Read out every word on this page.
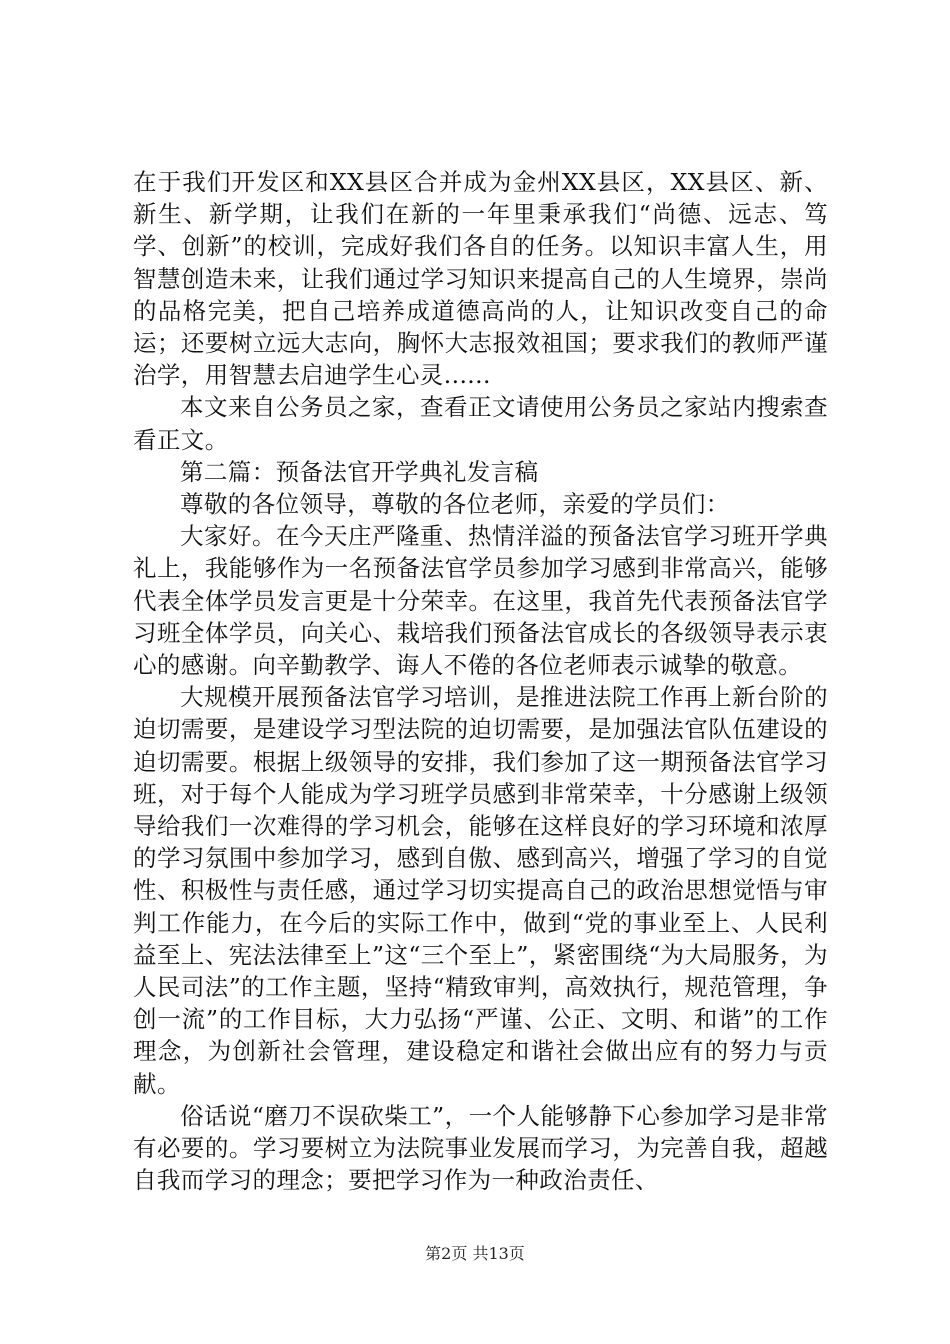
在于我们开发区和XX县区合并成为金州XX县区，XX县区、新、新生、新学期，让我们在新的一年里秉承我们“尚德、远志、笃学、创新”的校训，完成好我们各自的任务。以知识丰富人生，用智慧创造未来，让我们通过学习知识来提高自己的人生境界，崇尚的品格完美，把自己培养成道德高尚的人，让知识改变自己的命运；还要树立远大志向，胸怀大志报效祖国；要求我们的教师严谨治学，用智慧去启迪学生心灵......

本文来自公务员之家，查看正文请使用公务员之家站内搜索查看正文。

第二篇：预备法官开学典礼发言稿

尊敬的各位领导，尊敬的各位老师，亲爱的学员们：

大家好。在今天庄严隆重、热情洋溢的预备法官学习班开学典礼上，我能够作为一名预备法官学员参加学习感到非常高兴，能够代表全体学员发言更是十分荣幸。在这里，我首先代表预备法官学习班全体学员，向关心、栽培我们预备法官成长的各级领导表示衷心的感谢。向辛勤教学、诲人不倦的各位老师表示诚挚的敬意。

大规模开展预备法官学习培训，是推进法院工作再上新台阶的迫切需要，是建设学习型法院的迫切需要，是加强法官队伍建设的迫切需要。根据上级领导的安排，我们参加了这一期预备法官学习班，对于每个人能成为学习班学员感到非常荣幸，十分感谢上级领导给我们一次难得的学习机会，能够在这样良好的学习环境和浓厚的学习氛围中参加学习，感到自傲、感到高兴，增强了学习的自觉性、积极性与责任感，通过学习切实提高自己的政治思想觉悟与审判工作能力，在今后的实际工作中，做到“党的事业至上、人民利益至上、宪法法律至上”这“三个至上”，紧密围绕“为大局服务，为人民司法”的工作主题，坚持“精致审判，高效执行，规范管理，争创一流”的工作目标，大力弘扬“严谨、公正、文明、和谐”的工作理念，为创新社会管理，建设稳定和谐社会做出应有的努力与贡献。

俗话说“磨刀不误砍柴工”，一个人能够静下心参加学习是非常有必要的。学习要树立为法院事业发展而学习，为完善自我，超越自我而学习的理念；要把学习作为一种政治责任、

第2页 共13页
